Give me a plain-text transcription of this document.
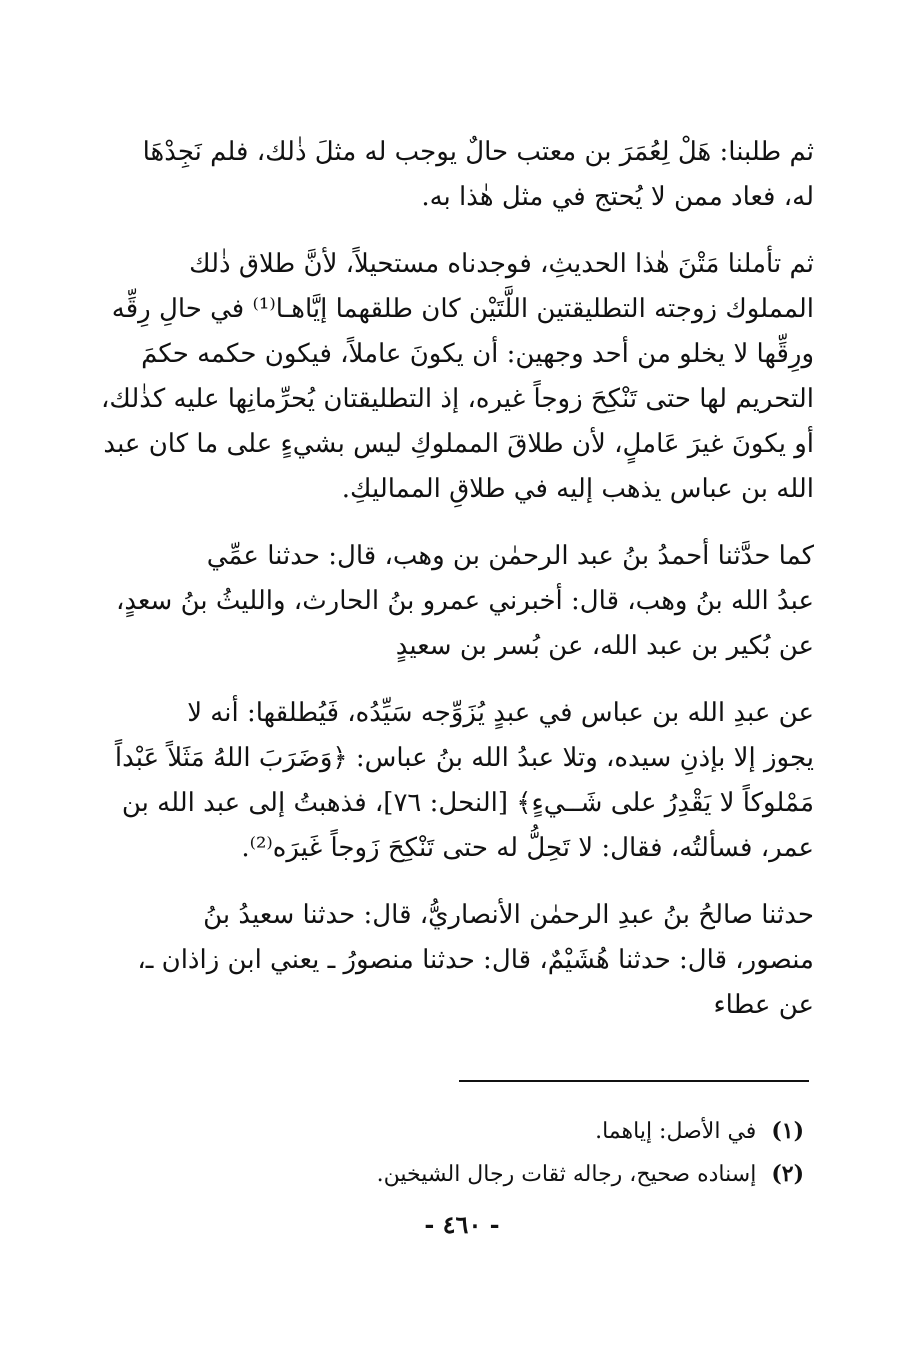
ثم طلبنا: هَلْ لِعُمَرَ بن معتب حالٌ يوجب له مثلَ ذٰلك، فلم نَجِدْهَا
له، فعاد ممن لا يُحتج في مثل هٰذا به.

ثم تأملنا مَتْنَ هٰذا الحديثِ، فوجدناه مستحيلاً، لأنَّ طلاق ذٰلك
المملوك زوجته التطليقتين اللَّتَيْن كان طلقهما إيَّاهـا⁽¹⁾ في حالِ رِقِّه
ورِقِّها لا يخلو من أحد وجهين: أن يكونَ عاملاً، فيكون حكمه حكمَ
التحريم لها حتى تَنْكِحَ زوجاً غيره، إذ التطليقتان يُحرِّمانِها عليه كذٰلك،
أو يكونَ غيرَ عَاملٍ، لأن طلاقَ المملوكِ ليس بشيءٍ على ما كان عبد
الله بن عباس يذهب إليه في طلاقِ المماليكِ.

كما حدَّثنا أحمدُ بنُ عبد الرحمٰن بن وهب، قال: حدثنا عمِّي
عبدُ الله بنُ وهب، قال: أخبرني عمرو بنُ الحارث، والليثُ بنُ سعدٍ،
عن بُكير بن عبد الله، عن بُسر بن سعيدٍ

عن عبدِ الله بن عباس في عبدٍ يُزَوِّجه سَيِّدُه، فَيُطلقها: أنه لا
يجوز إلا بإذنِ سيده، وتلا عبدُ الله بنُ عباس: ﴿وَضَرَبَ اللهُ مَثَلاً عَبْداً
مَمْلوكاً لا يَقْدِرُ على شَــيءٍ﴾ [النحل: ٧٦]، فذهبتُ إلى عبد الله بن
عمر، فسألتُه، فقال: لا تَحِلُّ له حتى تَنْكِحَ زَوجاً غَيرَه⁽²⁾.

حدثنا صالحُ بنُ عبدِ الرحمٰن الأنصاريُّ، قال: حدثنا سعيدُ بنُ
منصور، قال: حدثنا هُشَيْمٌ، قال: حدثنا منصورُ ـ يعني ابن زاذان ـ،
عن عطاء

(١) في الأصل: إياهما.
(٢) إسناده صحيح، رجاله ثقات رجال الشيخين.
- ٤٦٠ -
